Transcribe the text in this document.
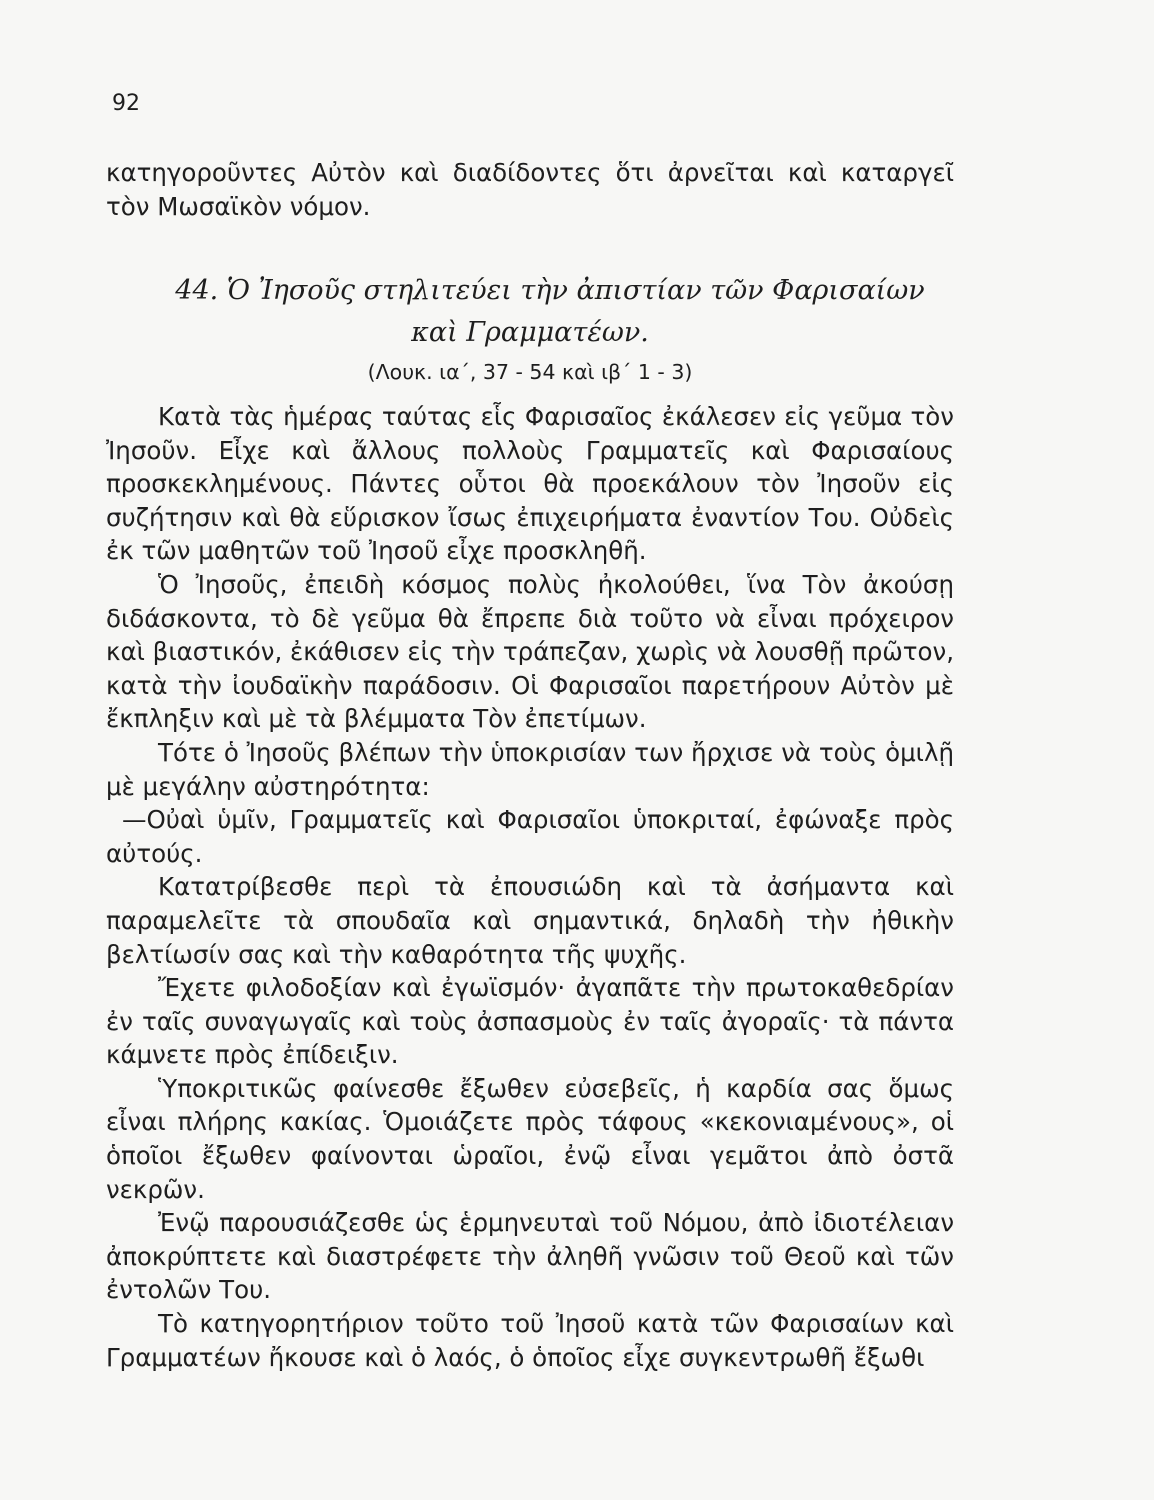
92
κατηγοροῦντες Αὐτὸν καὶ διαδίδοντες ὅτι ἀρνεῖται καὶ καταργεῖ τὸν Μωσαϊκὸν νόμον.
44. Ὁ Ἰησοῦς στηλιτεύει τὴν ἀπιστίαν τῶν Φαρισαίων
καὶ Γραμματέων.
(Λουκ. ια΄, 37 - 54 καὶ ιβ΄ 1 - 3)

Κατὰ τὰς ἡμέρας ταύτας εἷς Φαρισαῖος ἐκάλεσεν εἰς γεῦμα τὸν Ἰησοῦν. Εἶχε καὶ ἄλλους πολλοὺς Γραμματεῖς καὶ Φαρισαίους προσκεκλημένους. Πάντες οὗτοι θὰ προεκάλουν τὸν Ἰησοῦν εἰς συζήτησιν καὶ θὰ εὕρισκον ἴσως ἐπιχειρήματα ἐναντίον Του. Οὐδεὶς ἐκ τῶν μαθητῶν τοῦ Ἰησοῦ εἶχε προσκληθῆ.

Ὁ Ἰησοῦς, ἐπειδὴ κόσμος πολὺς ἠκολούθει, ἵνα Τὸν ἀκούσῃ διδάσκοντα, τὸ δὲ γεῦμα θὰ ἔπρεπε διὰ τοῦτο νὰ εἶναι πρόχειρον καὶ βιαστικόν, ἐκάθισεν εἰς τὴν τράπεζαν, χωρὶς νὰ λουσθῇ πρῶτον, κατὰ τὴν ἰουδαϊκὴν παράδοσιν. Οἱ Φαρισαῖοι παρετήρουν Αὐτὸν μὲ ἔκπληξιν καὶ μὲ τὰ βλέμματα Τὸν ἐπετίμων.

Τότε ὁ Ἰησοῦς βλέπων τὴν ὑποκρισίαν των ἤρχισε νὰ τοὺς ὁμιλῇ μὲ μεγάλην αὐστηρότητα:

—Οὐαὶ ὑμῖν, Γραμματεῖς καὶ Φαρισαῖοι ὑποκριταί, ἐφώναξε πρὸς αὐτούς.

Κατατρίβεσθε περὶ τὰ ἐπουσιώδη καὶ τὰ ἀσήμαντα καὶ παραμελεῖτε τὰ σπουδαῖα καὶ σημαντικά, δηλαδὴ τὴν ἠθικὴν βελτίωσίν σας καὶ τὴν καθαρότητα τῆς ψυχῆς.

Ἔχετε φιλοδοξίαν καὶ ἐγωϊσμόν· ἀγαπᾶτε τὴν πρωτοκαθεδρίαν ἐν ταῖς συναγωγαῖς καὶ τοὺς ἀσπασμοὺς ἐν ταῖς ἀγοραῖς· τὰ πάντα κάμνετε πρὸς ἐπίδειξιν.

Ὑποκριτικῶς φαίνεσθε ἔξωθεν εὐσεβεῖς, ἡ καρδία σας ὅμως εἶναι πλήρης κακίας. Ὁμοιάζετε πρὸς τάφους «κεκονιαμένους», οἱ ὁποῖοι ἔξωθεν φαίνονται ὡραῖοι, ἐνῷ εἶναι γεμᾶτοι ἀπὸ ὀστᾶ νεκρῶν.

Ἐνῷ παρουσιάζεσθε ὡς ἑρμηνευταὶ τοῦ Νόμου, ἀπὸ ἰδιοτέλειαν ἀποκρύπτετε καὶ διαστρέφετε τὴν ἀληθῆ γνῶσιν τοῦ Θεοῦ καὶ τῶν ἐντολῶν Του.

Τὸ κατηγορητήριον τοῦτο τοῦ Ἰησοῦ κατὰ τῶν Φαρισαίων καὶ Γραμματέων ἤκουσε καὶ ὁ λαός, ὁ ὁποῖος εἶχε συγκεντρωθῆ ἔξωθι
